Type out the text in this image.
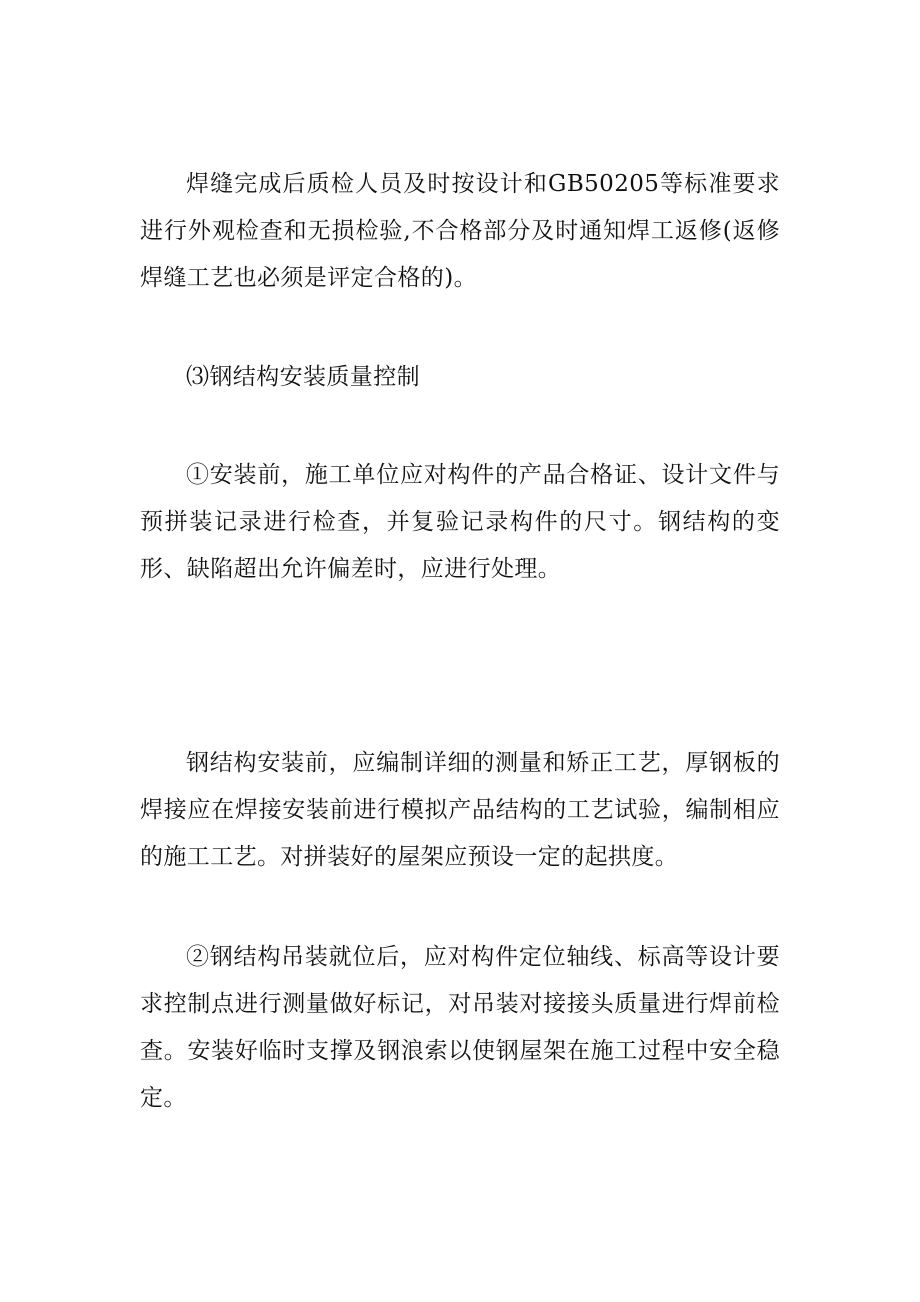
焊缝完成后质检人员及时按设计和GB50205等标准要求进行外观检查和无损检验,不合格部分及时通知焊工返修(返修焊缝工艺也必须是评定合格的)。

⑶钢结构安装质量控制

①安装前，施工单位应对构件的产品合格证、设计文件与预拼装记录进行检查，并复验记录构件的尺寸。钢结构的变形、缺陷超出允许偏差时，应进行处理。

钢结构安装前，应编制详细的测量和矫正工艺，厚钢板的焊接应在焊接安装前进行模拟产品结构的工艺试验，编制相应的施工工艺。对拼装好的屋架应预设一定的起拱度。

②钢结构吊装就位后，应对构件定位轴线、标高等设计要求控制点进行测量做好标记，对吊装对接接头质量进行焊前检查。安装好临时支撑及钢浪索以使钢屋架在施工过程中安全稳定。
